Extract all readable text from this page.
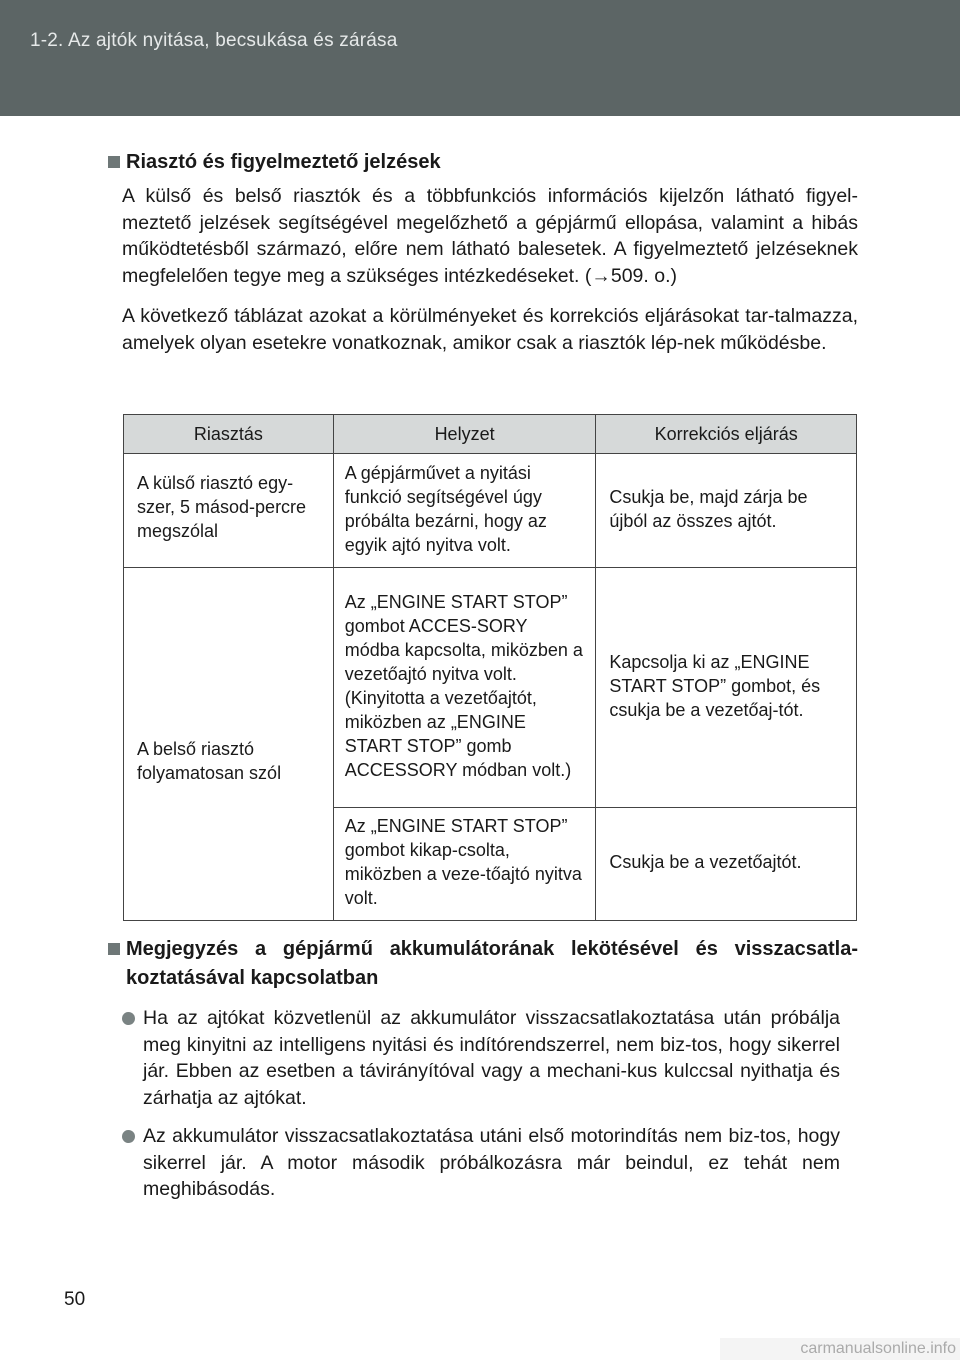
1-2. Az ajtók nyitása, becsukása és zárása
Riasztó és figyelmeztető jelzések

A külső és belső riasztók és a többfunkciós információs kijelzőn látható figyel-meztető jelzések segítségével megelőzhető a gépjármű ellopása, valamint a hibás működtetésből származó, előre nem látható balesetek. A figyelmeztető jelzéseknek megfelelően tegye meg a szükséges intézkedéseket. (→509. o.)

A következő táblázat azokat a körülményeket és korrekciós eljárásokat tar-talmazza, amelyek olyan esetekre vonatkoznak, amikor csak a riasztók lép-nek működésbe.

Riasztás	Helyzet	Korrekciós eljárás
A külső riasztó egy-szer, 5 másod-percre megszólal	A gépjárművet a nyitási funkció segítségével úgy próbálta bezárni, hogy az egyik ajtó nyitva volt.	Csukja be, majd zárja be újból az összes ajtót.
A belső riasztó folyamatosan szól	Az „ENGINE START STOP” gombot ACCES-SORY módba kapcsolta, miközben a vezetőajtó nyitva volt. (Kinyitotta a vezetőajtót, miközben az „ENGINE START STOP” gomb ACCESSORY módban volt.)	Kapcsolja ki az „ENGINE START STOP” gombot, és csukja be a vezetőaj-tót.
	Az „ENGINE START STOP” gombot kikap-csolta, miközben a veze-tőajtó nyitva volt.	Csukja be a vezetőajtót.
Megjegyzés a gépjármű akkumulátorának lekötésével és visszacsatla-koztatásával kapcsolatban
Ha az ajtókat közvetlenül az akkumulátor visszacsatlakoztatása után próbálja meg kinyitni az intelligens nyitási és indítórendszerrel, nem biz-tos, hogy sikerrel jár. Ebben az esetben a távirányítóval vagy a mechani-kus kulccsal nyithatja és zárhatja az ajtókat.
Az akkumulátor visszacsatlakoztatása utáni első motorindítás nem biz-tos, hogy sikerrel jár. A motor második próbálkozásra már beindul, ez tehát nem meghibásodás.
50
carmanualsonline.info
